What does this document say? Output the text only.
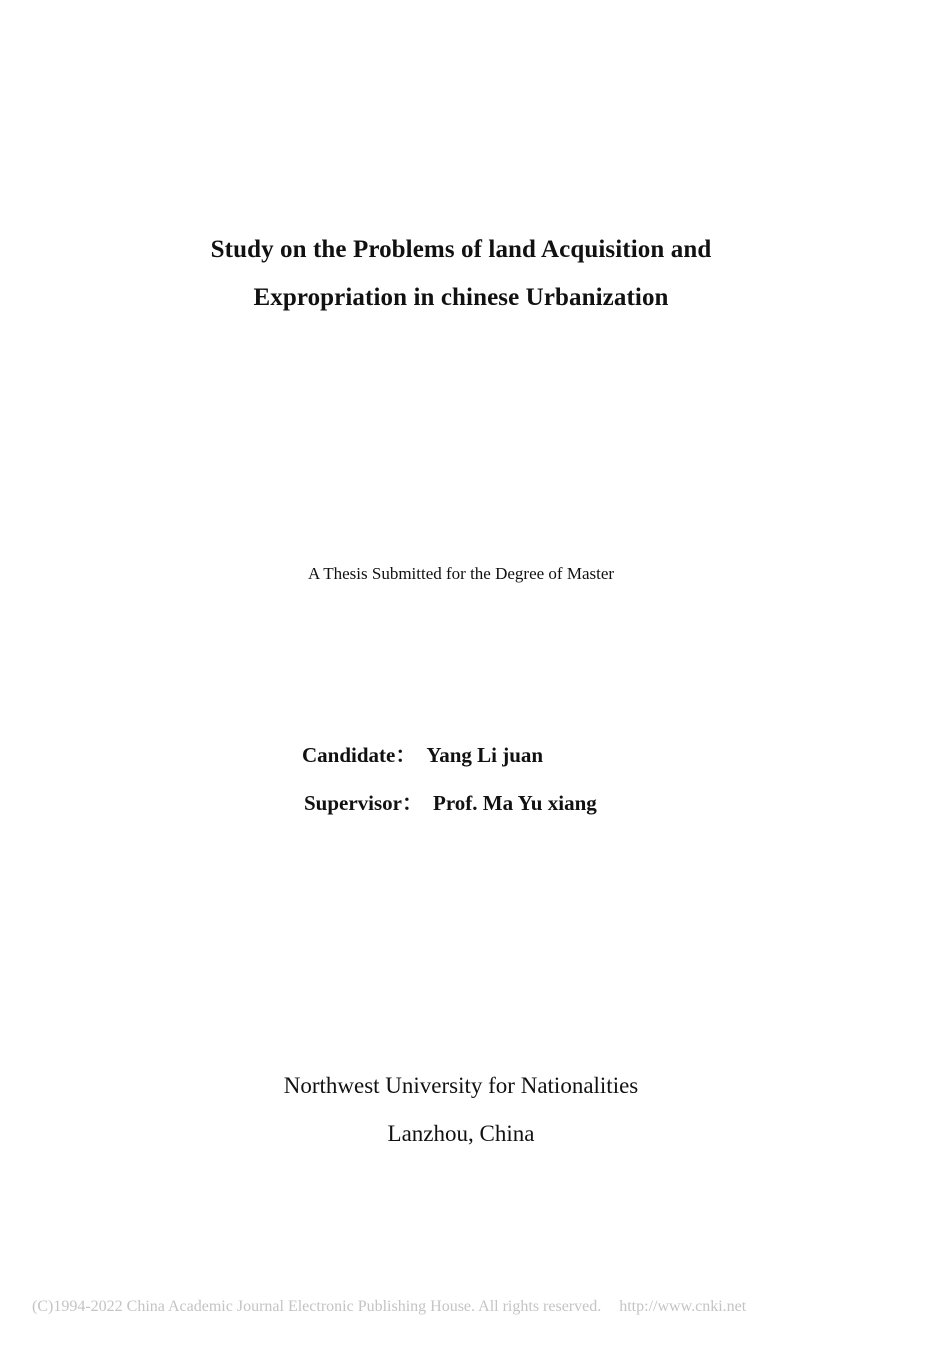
Study on the Problems of land Acquisition and
Expropriation in chinese Urbanization
A Thesis Submitted for the Degree of Master
Candidate： Yang Li juan
Supervisor： Prof. Ma Yu xiang
Northwest University for Nationalities
Lanzhou, China
(C)1994-2022 China Academic Journal Electronic Publishing House. All rights reserved. http://www.cnki.net
